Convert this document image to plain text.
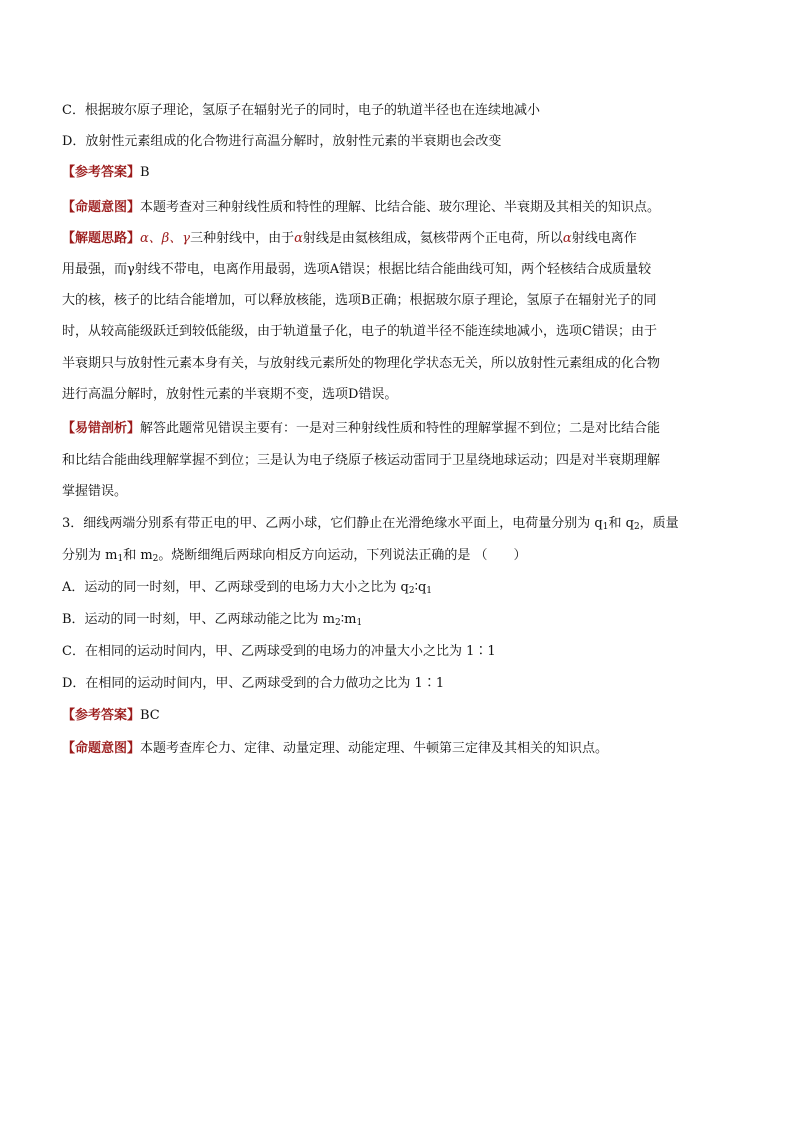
C．根据玻尔原子理论，氢原子在辐射光子的同时，电子的轨道半径也在连续地减小
D．放射性元素组成的化合物进行高温分解时，放射性元素的半衰期也会改变
【参考答案】B
【命题意图】本题考查对三种射线性质和特性的理解、比结合能、玻尔理论、半衰期及其相关的知识点。
【解题思路】α、β、γ三种射线中，由于α射线是由氦核组成，氦核带两个正电荷，所以α射线电离作
用最强，而γ射线不带电，电离作用最弱，选项A错误；根据比结合能曲线可知，两个轻核结合成质量较
大的核，核子的比结合能增加，可以释放核能，选项B正确；根据玻尔原子理论，氢原子在辐射光子的同
时，从较高能级跃迁到较低能级，由于轨道量子化，电子的轨道半径不能连续地减小，选项C错误；由于
半衰期只与放射性元素本身有关，与放射线元素所处的物理化学状态无关，所以放射性元素组成的化合物
进行高温分解时，放射性元素的半衰期不变，选项D错误。
【易错剖析】解答此题常见错误主要有：一是对三种射线性质和特性的理解掌握不到位；二是对比结合能
和比结合能曲线理解掌握不到位；三是认为电子绕原子核运动雷同于卫星绕地球运动；四是对半衰期理解
掌握错误。
3．细线两端分别系有带正电的甲、乙两小球，它们静止在光滑绝缘水平面上，电荷量分别为 $q_1$和 $q_2$，质量
分别为 $m_1$和 $m_2$。烧断细绳后两球向相反方向运动，下列说法正确的是 （　　）
A．运动的同一时刻，甲、乙两球受到的电场力大小之比为 $q_2∶q_1$
B．运动的同一时刻，甲、乙两球动能之比为 $m_2∶m_1$
C．在相同的运动时间内，甲、乙两球受到的电场力的冲量大小之比为 1∶1
D．在相同的运动时间内，甲、乙两球受到的合力做功之比为 1∶1
【参考答案】BC
【命题意图】本题考查库仑力、定律、动量定理、动能定理、牛顿第三定律及其相关的知识点。
